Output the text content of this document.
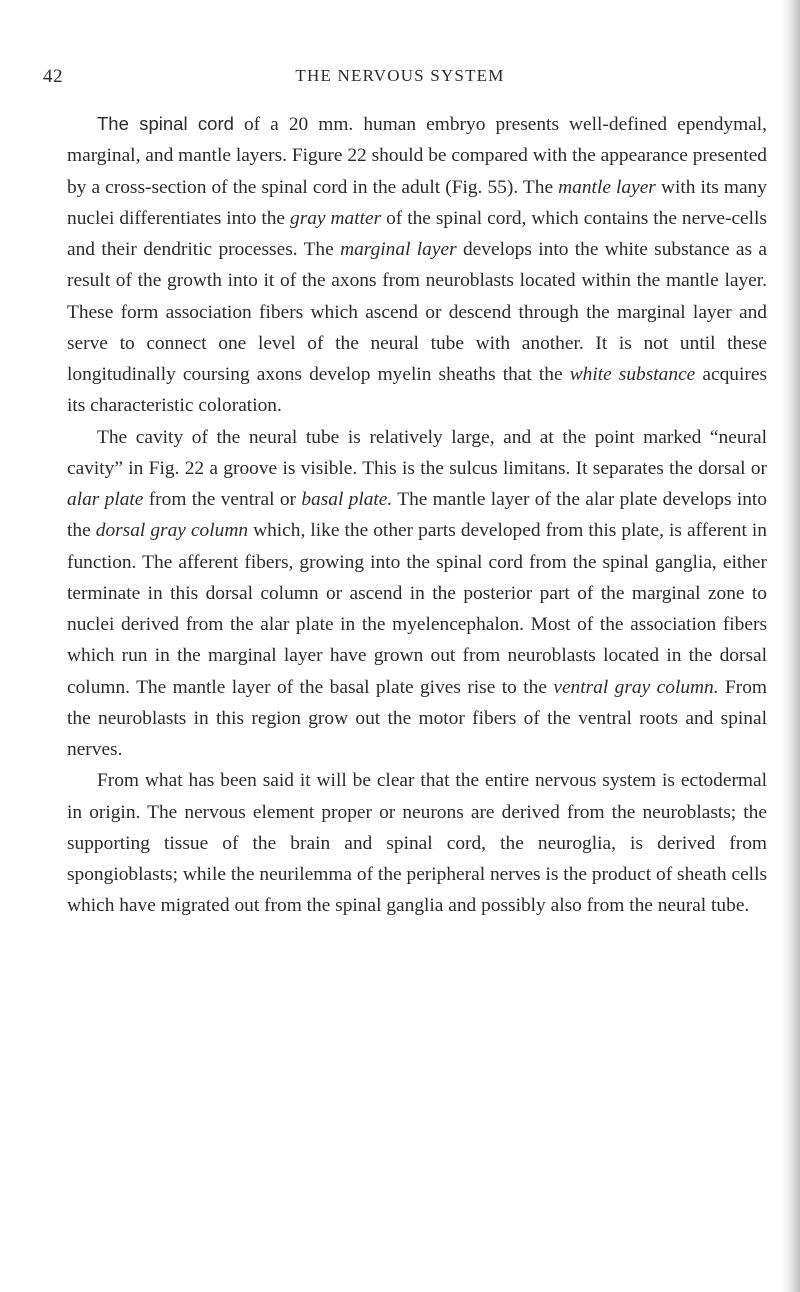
42	THE NERVOUS SYSTEM

The spinal cord of a 20 mm. human embryo presents well-defined ependymal, marginal, and mantle layers. Figure 22 should be compared with the appearance presented by a cross-section of the spinal cord in the adult (Fig. 55). The mantle layer with its many nuclei differentiates into the gray matter of the spinal cord, which contains the nerve-cells and their dendritic processes. The marginal layer develops into the white substance as a result of the growth into it of the axons from neuroblasts located within the mantle layer. These form association fibers which ascend or descend through the marginal layer and serve to connect one level of the neural tube with another. It is not until these longitudinally coursing axons develop myelin sheaths that the white substance acquires its characteristic coloration.

The cavity of the neural tube is relatively large, and at the point marked “neural cavity” in Fig. 22 a groove is visible. This is the sulcus limitans. It separates the dorsal or alar plate from the ventral or basal plate. The mantle layer of the alar plate develops into the dorsal gray column which, like the other parts developed from this plate, is afferent in function. The afferent fibers, growing into the spinal cord from the spinal ganglia, either terminate in this dorsal column or ascend in the posterior part of the marginal zone to nuclei derived from the alar plate in the myelencephalon. Most of the association fibers which run in the marginal layer have grown out from neuroblasts located in the dorsal column. The mantle layer of the basal plate gives rise to the ventral gray column. From the neuroblasts in this region grow out the motor fibers of the ventral roots and spinal nerves.

From what has been said it will be clear that the entire nervous system is ectodermal in origin. The nervous element proper or neurons are derived from the neuroblasts; the supporting tissue of the brain and spinal cord, the neuroglia, is derived from spongioblasts; while the neurilemma of the peripheral nerves is the product of sheath cells which have migrated out from the spinal ganglia and possibly also from the neural tube.
